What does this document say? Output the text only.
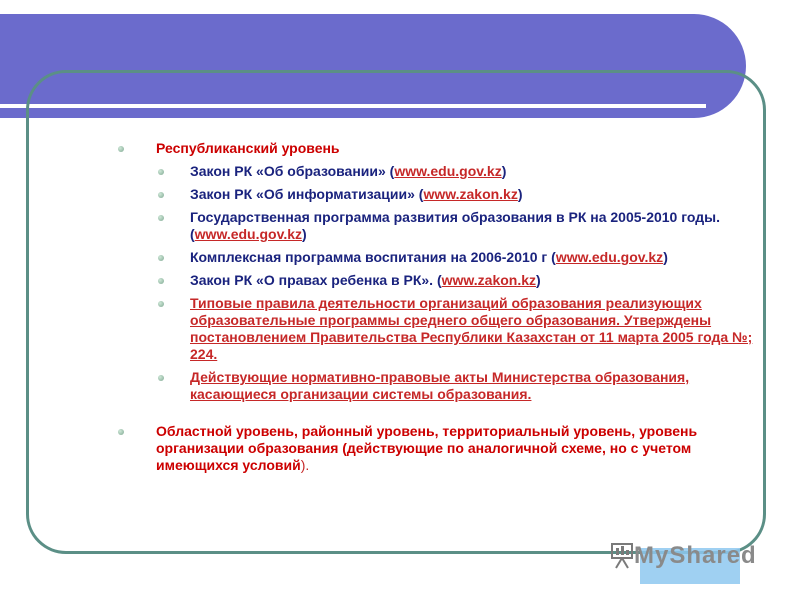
Республиканский уровень
Закон РК «Об образовании» (www.edu.gov.kz)
Закон РК «Об информатизации» (www.zakon.kz)
Государственная программа развития образования в РК на 2005-2010 годы. (www.edu.gov.kz)
Комплексная программа воспитания на 2006-2010 г (www.edu.gov.kz)
Закон РК «О правах ребенка в РК». (www.zakon.kz)
Типовые правила деятельности организаций образования реализующих образовательные программы среднего общего образования. Утверждены постановлением Правительства Республики Казахстан от 11 марта 2005 года №; 224.
Действующие нормативно-правовые акты Министерства образования, касающиеся организации системы образования.
Областной уровень, районный уровень, территориальный уровень, уровень организации образования (действующие по аналогичной схеме, но с учетом имеющихся условий).
MyShared
